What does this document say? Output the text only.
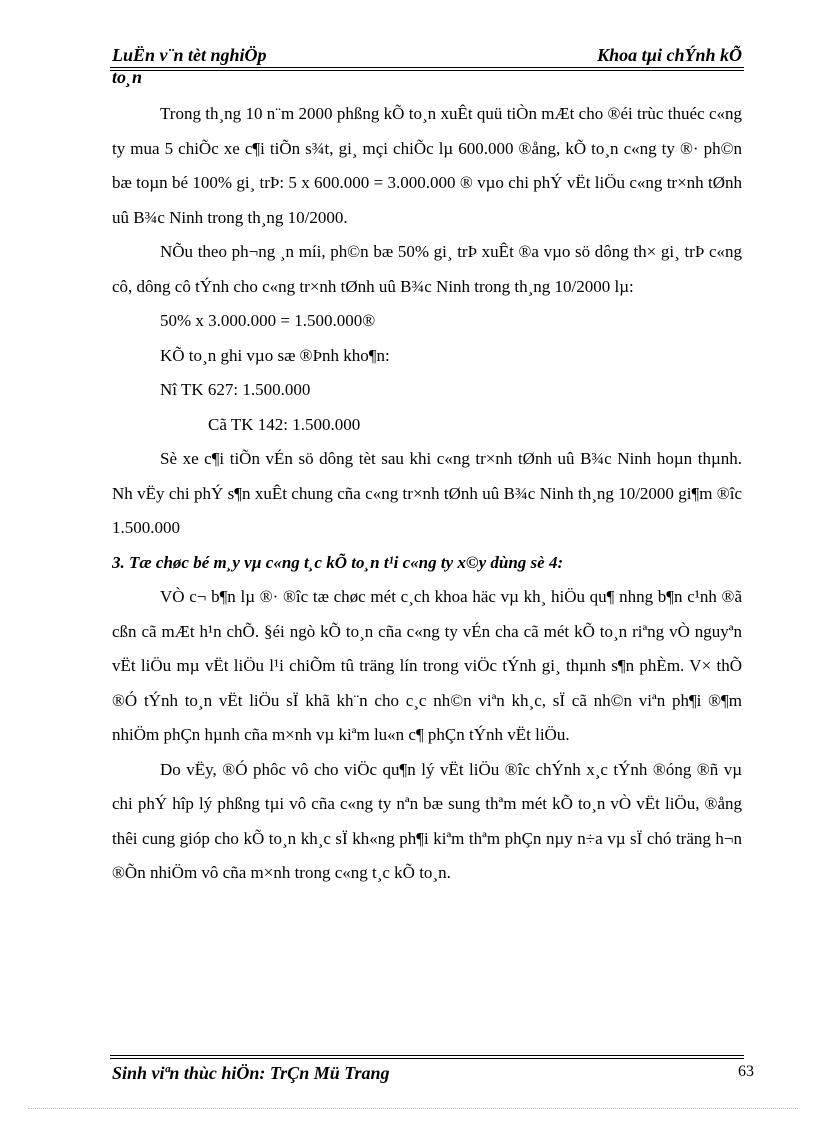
LuËn v¨n tèt nghiÖp	Khoa tµi chÝnh kÕ
to¸n

Trong th¸ng 10 n¨m 2000 phßng kÕ to¸n xuÊt quü tiÒn mÆt cho ®éi trùc thuéc c«ng ty mua 5 chiÕc xe c¶i tiÕn s¾t, gi¸ mçi chiÕc lµ 600.000 ®ång, kÕ to¸n c«ng ty ®· ph©n bæ toµn bé 100% gi¸ trÞ: 5 x 600.000 = 3.000.000 ® vµo chi phÝ vËt liÖu c«ng tr×nh tØnh uû B¾c Ninh trong th¸ng 10/2000.

NÕu theo ph¬ng ¸n míi, ph©n bæ 50% gi¸ trÞ xuÊt ®a vµo sö dông th× gi¸ trÞ c«ng cô, dông cô tÝnh cho c«ng tr×nh tØnh uû B¾c Ninh trong th¸ng 10/2000 lµ:

50% x 3.000.000 = 1.500.000®

KÕ to¸n ghi vµo sæ ®Þnh kho¶n:

Nî TK 627: 1.500.000

Cã TK 142: 1.500.000

Sè xe c¶i tiÕn vÉn sö dông tèt sau khi c«ng tr×nh tØnh uû B¾c Ninh hoµn thµnh. Nh vËy chi phÝ s¶n xuÊt chung cña c«ng tr×nh tØnh uû B¾c Ninh th¸ng 10/2000 gi¶m ®îc 1.500.000

3. Tæ chøc bé m¸y vµ c«ng t¸c kÕ to¸n t¹i c«ng ty x©y dùng sè 4:

VÒ c¬ b¶n lµ ®· ®îc tæ chøc mét c¸ch khoa häc vµ kh¸ hiÖu qu¶ nhng b¶n c¹nh ®ã cßn cã mÆt h¹n chÕ. §éi ngò kÕ to¸n cña c«ng ty vÉn cha cã mét kÕ to¸n riªng vÒ nguyªn vËt liÖu mµ vËt liÖu l¹i chiÕm tû träng lín trong viÖc tÝnh gi¸ thµnh s¶n phÈm. V× thÕ ®Ó tÝnh to¸n vËt liÖu sÏ khã kh¨n cho c¸c nh©n viªn kh¸c, sÏ cã nh©n viªn ph¶i ®¶m nhiÖm phÇn hµnh cña m×nh vµ kiªm lu«n c¶ phÇn tÝnh vËt liÖu.

Do vËy, ®Ó phôc vô cho viÖc qu¶n lý vËt liÖu ®îc chÝnh x¸c tÝnh ®óng ®ñ vµ chi phÝ hîp lý phßng tµi vô cña c«ng ty nªn bæ sung thªm mét kÕ to¸n vÒ vËt liÖu, ®ång thêi cung gióp cho kÕ to¸n kh¸c sÏ kh«ng ph¶i kiªm thªm phÇn nµy n÷a vµ sÏ chó träng h¬n ®Õn nhiÖm vô cña m×nh trong c«ng t¸c kÕ to¸n.

Sinh viªn thùc hiÖn: TrÇn Mü Trang	63
